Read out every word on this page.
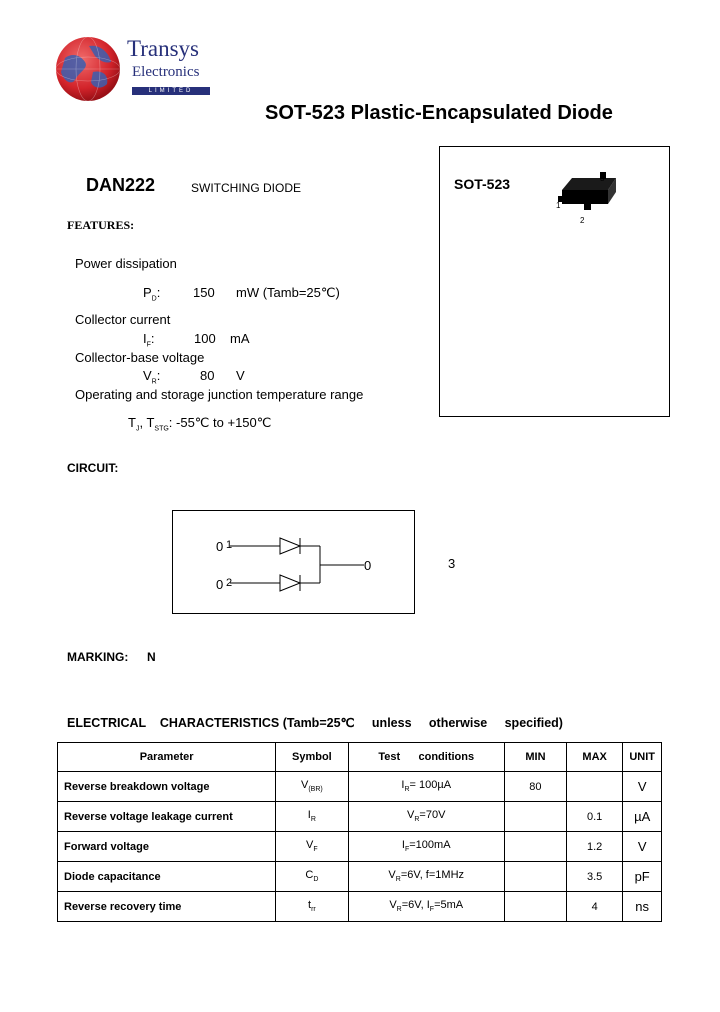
Transys
Electronics
LIMITED
SOT-523 Plastic-Encapsulated Diode
DAN222	SWITCHING DIODE	SOT-523
1
2
3
FEATURES:
Power dissipation
$P_D$:	150 mW (Tamb=25℃)
Collector current
$I_F$:	100 mA
Collector-base voltage
$V_R$:	80 V
Operating and storage junction temperature range
$T_J$, $T_{STG}$: -55℃ to +150℃
CIRCUIT:
0 1
0 2
0	3
MARKING: N
ELECTRICAL    CHARACTERISTICS (Tamb=25℃     unless     otherwise     specified)
Parameter	Symbol	Test      conditions	MIN	MAX	UNIT
Reverse breakdown voltage	$V_{(BR)}$	$I_R= 100\mu A$	80		V
Reverse voltage leakage current	$I_R$	$V_R=70V$		0.1	µA
Forward voltage	$V_F$	$I_F=100mA$		1.2	V
Diode capacitance	$C_D$	$V_R=6V$, f=1MHz		3.5	pF
Reverse recovery time	$t_{rr}$	$V_R=6V$, $I_F=5mA$		4	ns
